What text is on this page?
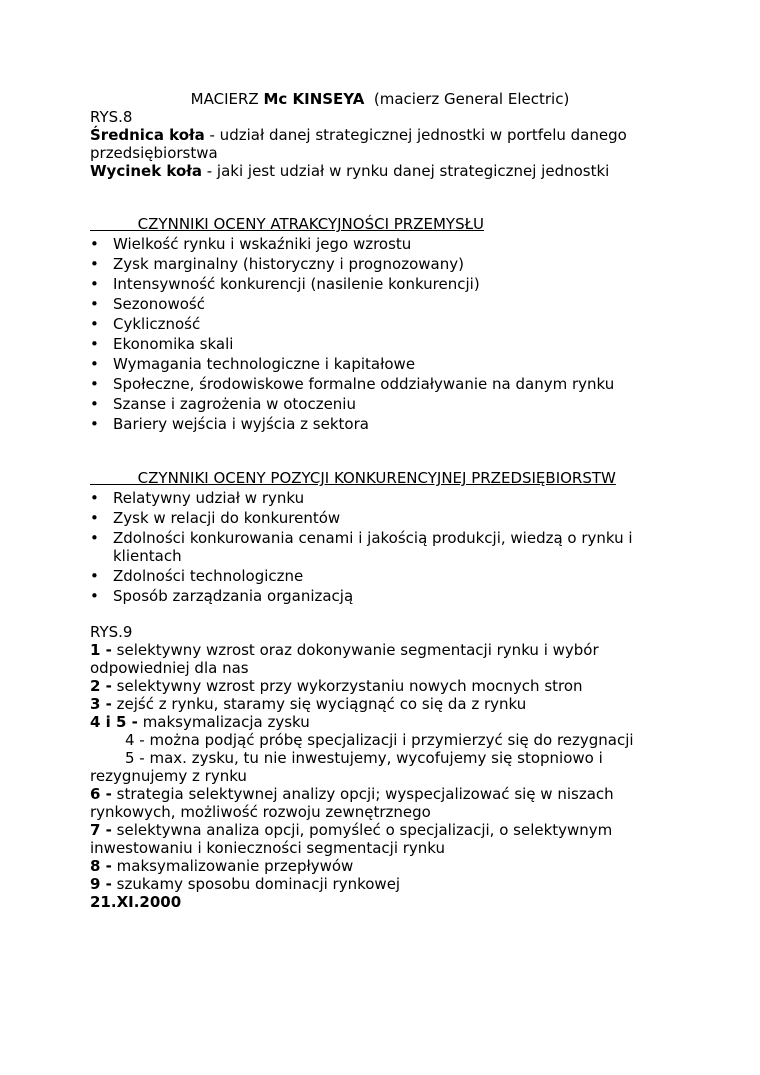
MACIERZ Mc KINSEYA  (macierz General Electric)
RYS.8
Średnica koła - udział danej strategicznej jednostki w portfelu danego
przedsiębiorstwa
Wycinek koła - jaki jest udział w rynku danej strategicznej jednostki
CZYNNIKI OCENY ATRAKCYJNOŚCI PRZEMYSŁU
• Wielkość rynku i wskaźniki jego wzrostu
• Zysk marginalny (historyczny i prognozowany)
• Intensywność konkurencji (nasilenie konkurencji)
• Sezonowość
• Cykliczność
• Ekonomika skali
• Wymagania technologiczne i kapitałowe
• Społeczne, środowiskowe formalne oddziaływanie na danym rynku
• Szanse i zagrożenia w otoczeniu
• Bariery wejścia i wyjścia z sektora
CZYNNIKI OCENY POZYCJI KONKURENCYJNEJ PRZEDSIĘBIORSTW
• Relatywny udział w rynku
• Zysk w relacji do konkurentów
• Zdolności konkurowania cenami i jakością produkcji, wiedzą o rynku i
klientach
• Zdolności technologiczne
• Sposób zarządzania organizacją
RYS.9
1 - selektywny wzrost oraz dokonywanie segmentacji rynku i wybór
odpowiedniej dla nas
2 - selektywny wzrost przy wykorzystaniu nowych mocnych stron
3 - zejść z rynku, staramy się wyciągnąć co się da z rynku
4 i 5 - maksymalizacja zysku
4 - można podjąć próbę specjalizacji i przymierzyć się do rezygnacji
5 - max. zysku, tu nie inwestujemy, wycofujemy się stopniowo i
rezygnujemy z rynku
6 - strategia selektywnej analizy opcji; wyspecjalizować się w niszach
rynkowych, możliwość rozwoju zewnętrznego
7 - selektywna analiza opcji, pomyśleć o specjalizacji, o selektywnym
inwestowaniu i konieczności segmentacji rynku
8 - maksymalizowanie przepływów
9 - szukamy sposobu dominacji rynkowej
21.XI.2000
